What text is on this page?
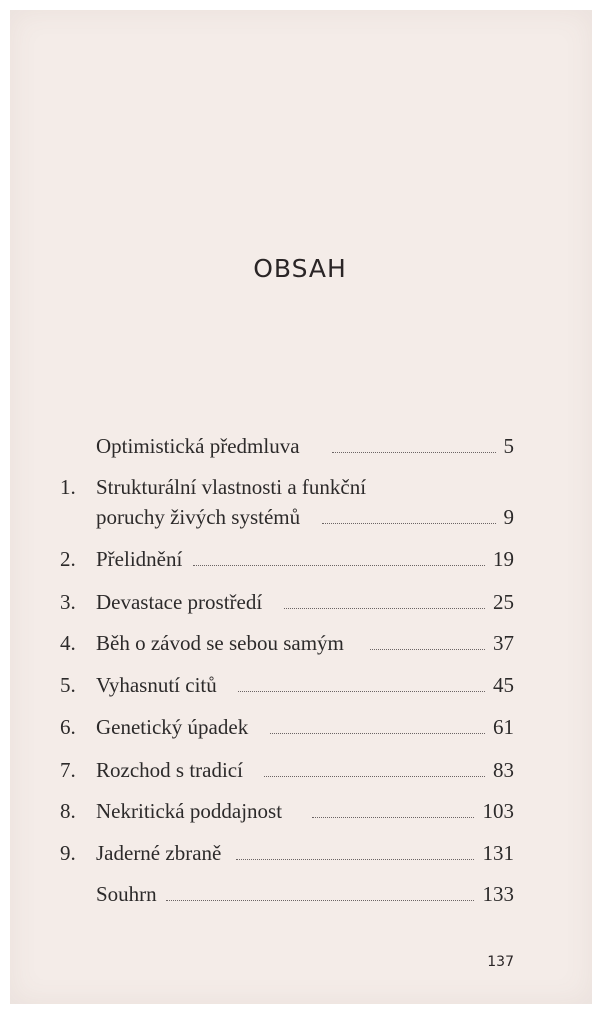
OBSAH
Optimistická předmluva	5
1. Strukturální vlastnosti a funkční
poruchy živých systémů	9
2. Přelidnění	19
3. Devastace prostředí	25
4. Běh o závod se sebou samým	37
5. Vyhasnutí citů	45
6. Genetický úpadek	61
7. Rozchod s tradicí	83
8. Nekritická poddajnost	103
9. Jaderné zbraně	131
Souhrn	133
137
